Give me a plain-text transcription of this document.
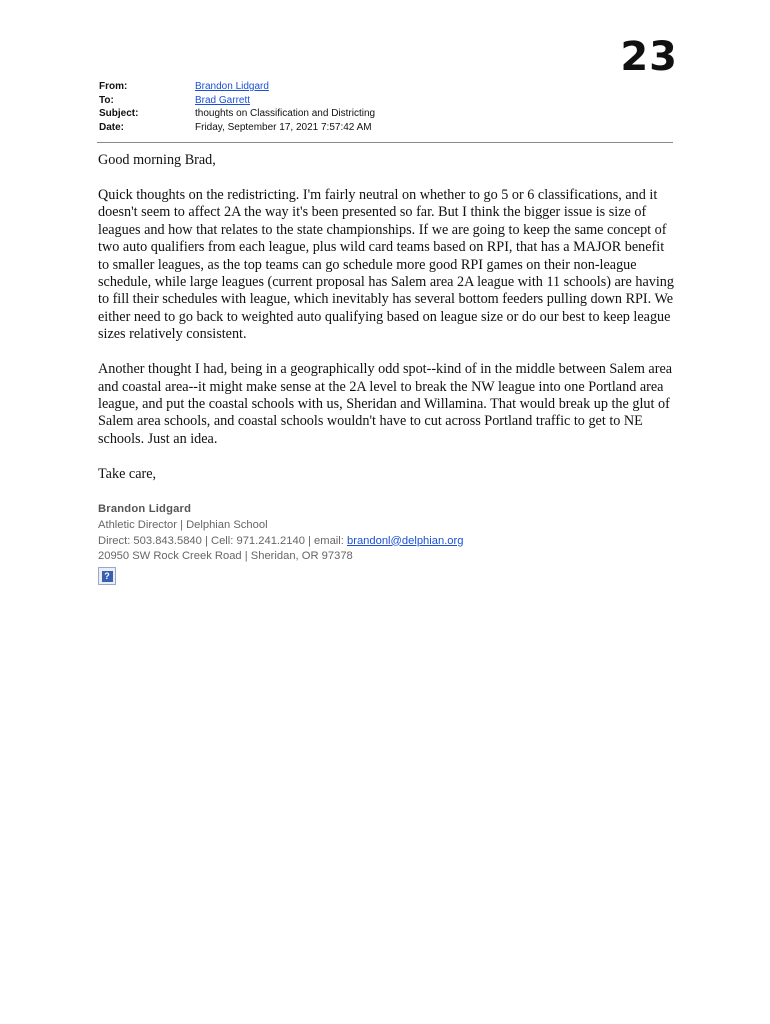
23
From:	Brandon Lidgard
To:	Brad Garrett
Subject:	thoughts on Classification and Districting
Date:	Friday, September 17, 2021 7:57:42 AM

Good morning Brad,

Quick thoughts on the redistricting. I'm fairly neutral on whether to go 5 or 6 classifications, and it doesn't seem to affect 2A the way it's been presented so far. But I think the bigger issue is size of leagues and how that relates to the state championships. If we are going to keep the same concept of two auto qualifiers from each league, plus wild card teams based on RPI, that has a MAJOR benefit to smaller leagues, as the top teams can go schedule more good RPI games on their non-league schedule, while large leagues (current proposal has Salem area 2A league with 11 schools) are having to fill their schedules with league, which inevitably has several bottom feeders pulling down RPI. We either need to go back to weighted auto qualifying based on league size or do our best to keep league sizes relatively consistent.

Another thought I had, being in a geographically odd spot--kind of in the middle between Salem area and coastal area--it might make sense at the 2A level to break the NW league into one Portland area league, and put the coastal schools with us, Sheridan and Willamina. That would break up the glut of Salem area schools, and coastal schools wouldn't have to cut across Portland traffic to get to NE schools. Just an idea.

Take care,

Brandon Lidgard
Athletic Director | Delphian School
Direct: 503.843.5840 | Cell: 971.241.2140 | email: brandonl@delphian.org
20950 SW Rock Creek Road | Sheridan, OR 97378
?
